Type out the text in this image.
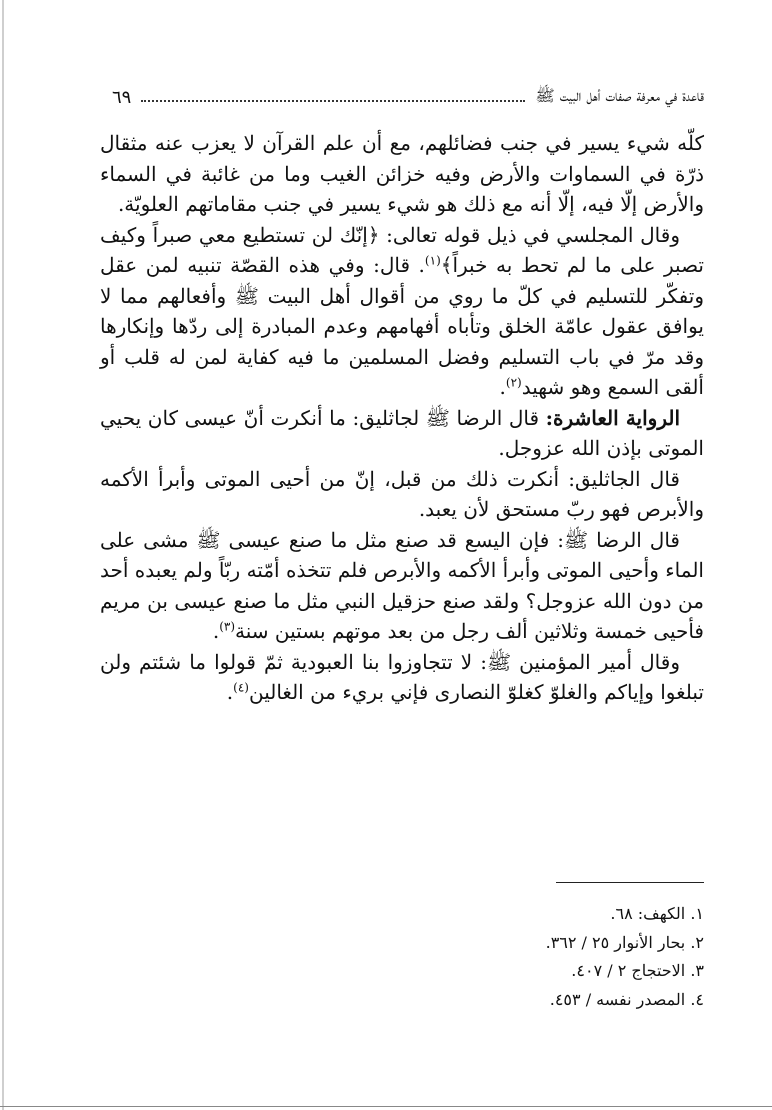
قاعدة في معرفة صفات أهل البيت ﷺ
٦٩

كلّه شيء يسير في جنب فضائلهم، مع أن علم القرآن لا يعزب عنه مثقال ذرّة في السماوات والأرض وفيه خزائن الغيب وما من غائبة في السماء والأرض إلّا فيه، إلّا أنه مع ذلك هو شيء يسير في جنب مقاماتهم العلويّة.

وقال المجلسي في ذيل قوله تعالى: ﴿إنّك لن تستطيع معي صبراً وكيف تصبر على ما لم تحط به خبراً﴾$^{(١)}$. قال: وفي هذه القصّة تنبيه لمن عقل وتفكّر للتسليم في كلّ ما روي من أقوال أهل البيت ﷺ وأفعالهم مما لا يوافق عقول عامّة الخلق وتأباه أفهامهم وعدم المبادرة إلى ردّها وإنكارها وقد مرّ في باب التسليم وفضل المسلمين ما فيه كفاية لمن له قلب أو ألقى السمع وهو شهيد$^{(٢)}$.

الرواية العاشرة: قال الرضا ﷺ لجاثليق: ما أنكرت أنّ عيسى كان يحيي الموتى بإذن الله عزوجل.

قال الجاثليق: أنكرت ذلك من قبل، إنّ من أحيى الموتى وأبرأ الأكمه والأبرص فهو ربّ مستحق لأن يعبد.

قال الرضا ﷺ: فإن اليسع قد صنع مثل ما صنع عيسى ﷺ مشى على الماء وأحيى الموتى وأبرأ الأكمه والأبرص فلم تتخذه أمّته ربّاً ولم يعبده أحد من دون الله عزوجل؟ ولقد صنع حزقيل النبي مثل ما صنع عيسى بن مريم فأحيى خمسة وثلاثين ألف رجل من بعد موتهم بستين سنة$^{(٣)}$.

وقال أمير المؤمنين ﷺ: لا تتجاوزوا بنا العبودية ثمّ قولوا ما شئتم ولن تبلغوا وإياكم والغلوّ كغلوّ النصارى فإني بريء من الغالين$^{(٤)}$.

١. الكهف: ٦٨.
٢. بحار الأنوار ٢٥ / ٣٦٢.
٣. الاحتجاج ٢ / ٤٠٧.
٤. المصدر نفسه / ٤٥٣.
